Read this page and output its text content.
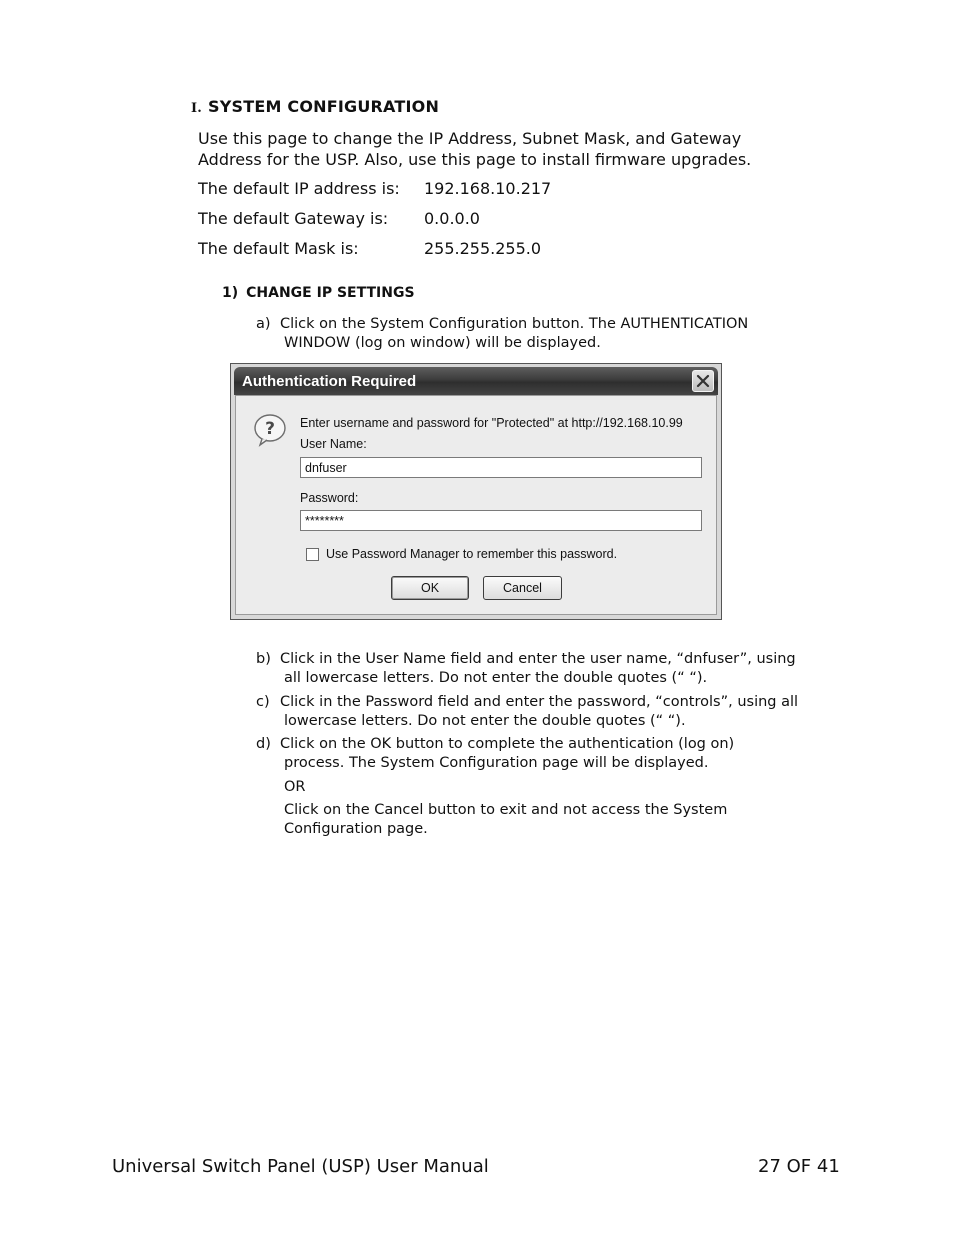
I. SYSTEM CONFIGURATION
Use this page to change the IP Address, Subnet Mask, and Gateway
Address for the USP. Also, use this page to install firmware upgrades.
The default IP address is: 192.168.10.217
The default Gateway is: 0.0.0.0
The default Mask is:	255.255.255.0
1) CHANGE IP SETTINGS
a) Click on the System Configuration button. The AUTHENTICATION
WINDOW (log on window) will be displayed.
Authentication Required
? Enter username and password for "Protected" at http://192.168.10.99
User Name:
dnfuser
Password:
********
Use Password Manager to remember this password.
OK	Cancel
b) Click in the User Name field and enter the user name, “dnfuser”, using
all lowercase letters. Do not enter the double quotes (“ “).
c) Click in the Password field and enter the password, “controls”, using all
lowercase letters. Do not enter the double quotes (“ “).
d) Click on the OK button to complete the authentication (log on)
process. The System Configuration page will be displayed.
OR
Click on the Cancel button to exit and not access the System
Configuration page.
Universal Switch Panel (USP) User Manual	27 OF 41
